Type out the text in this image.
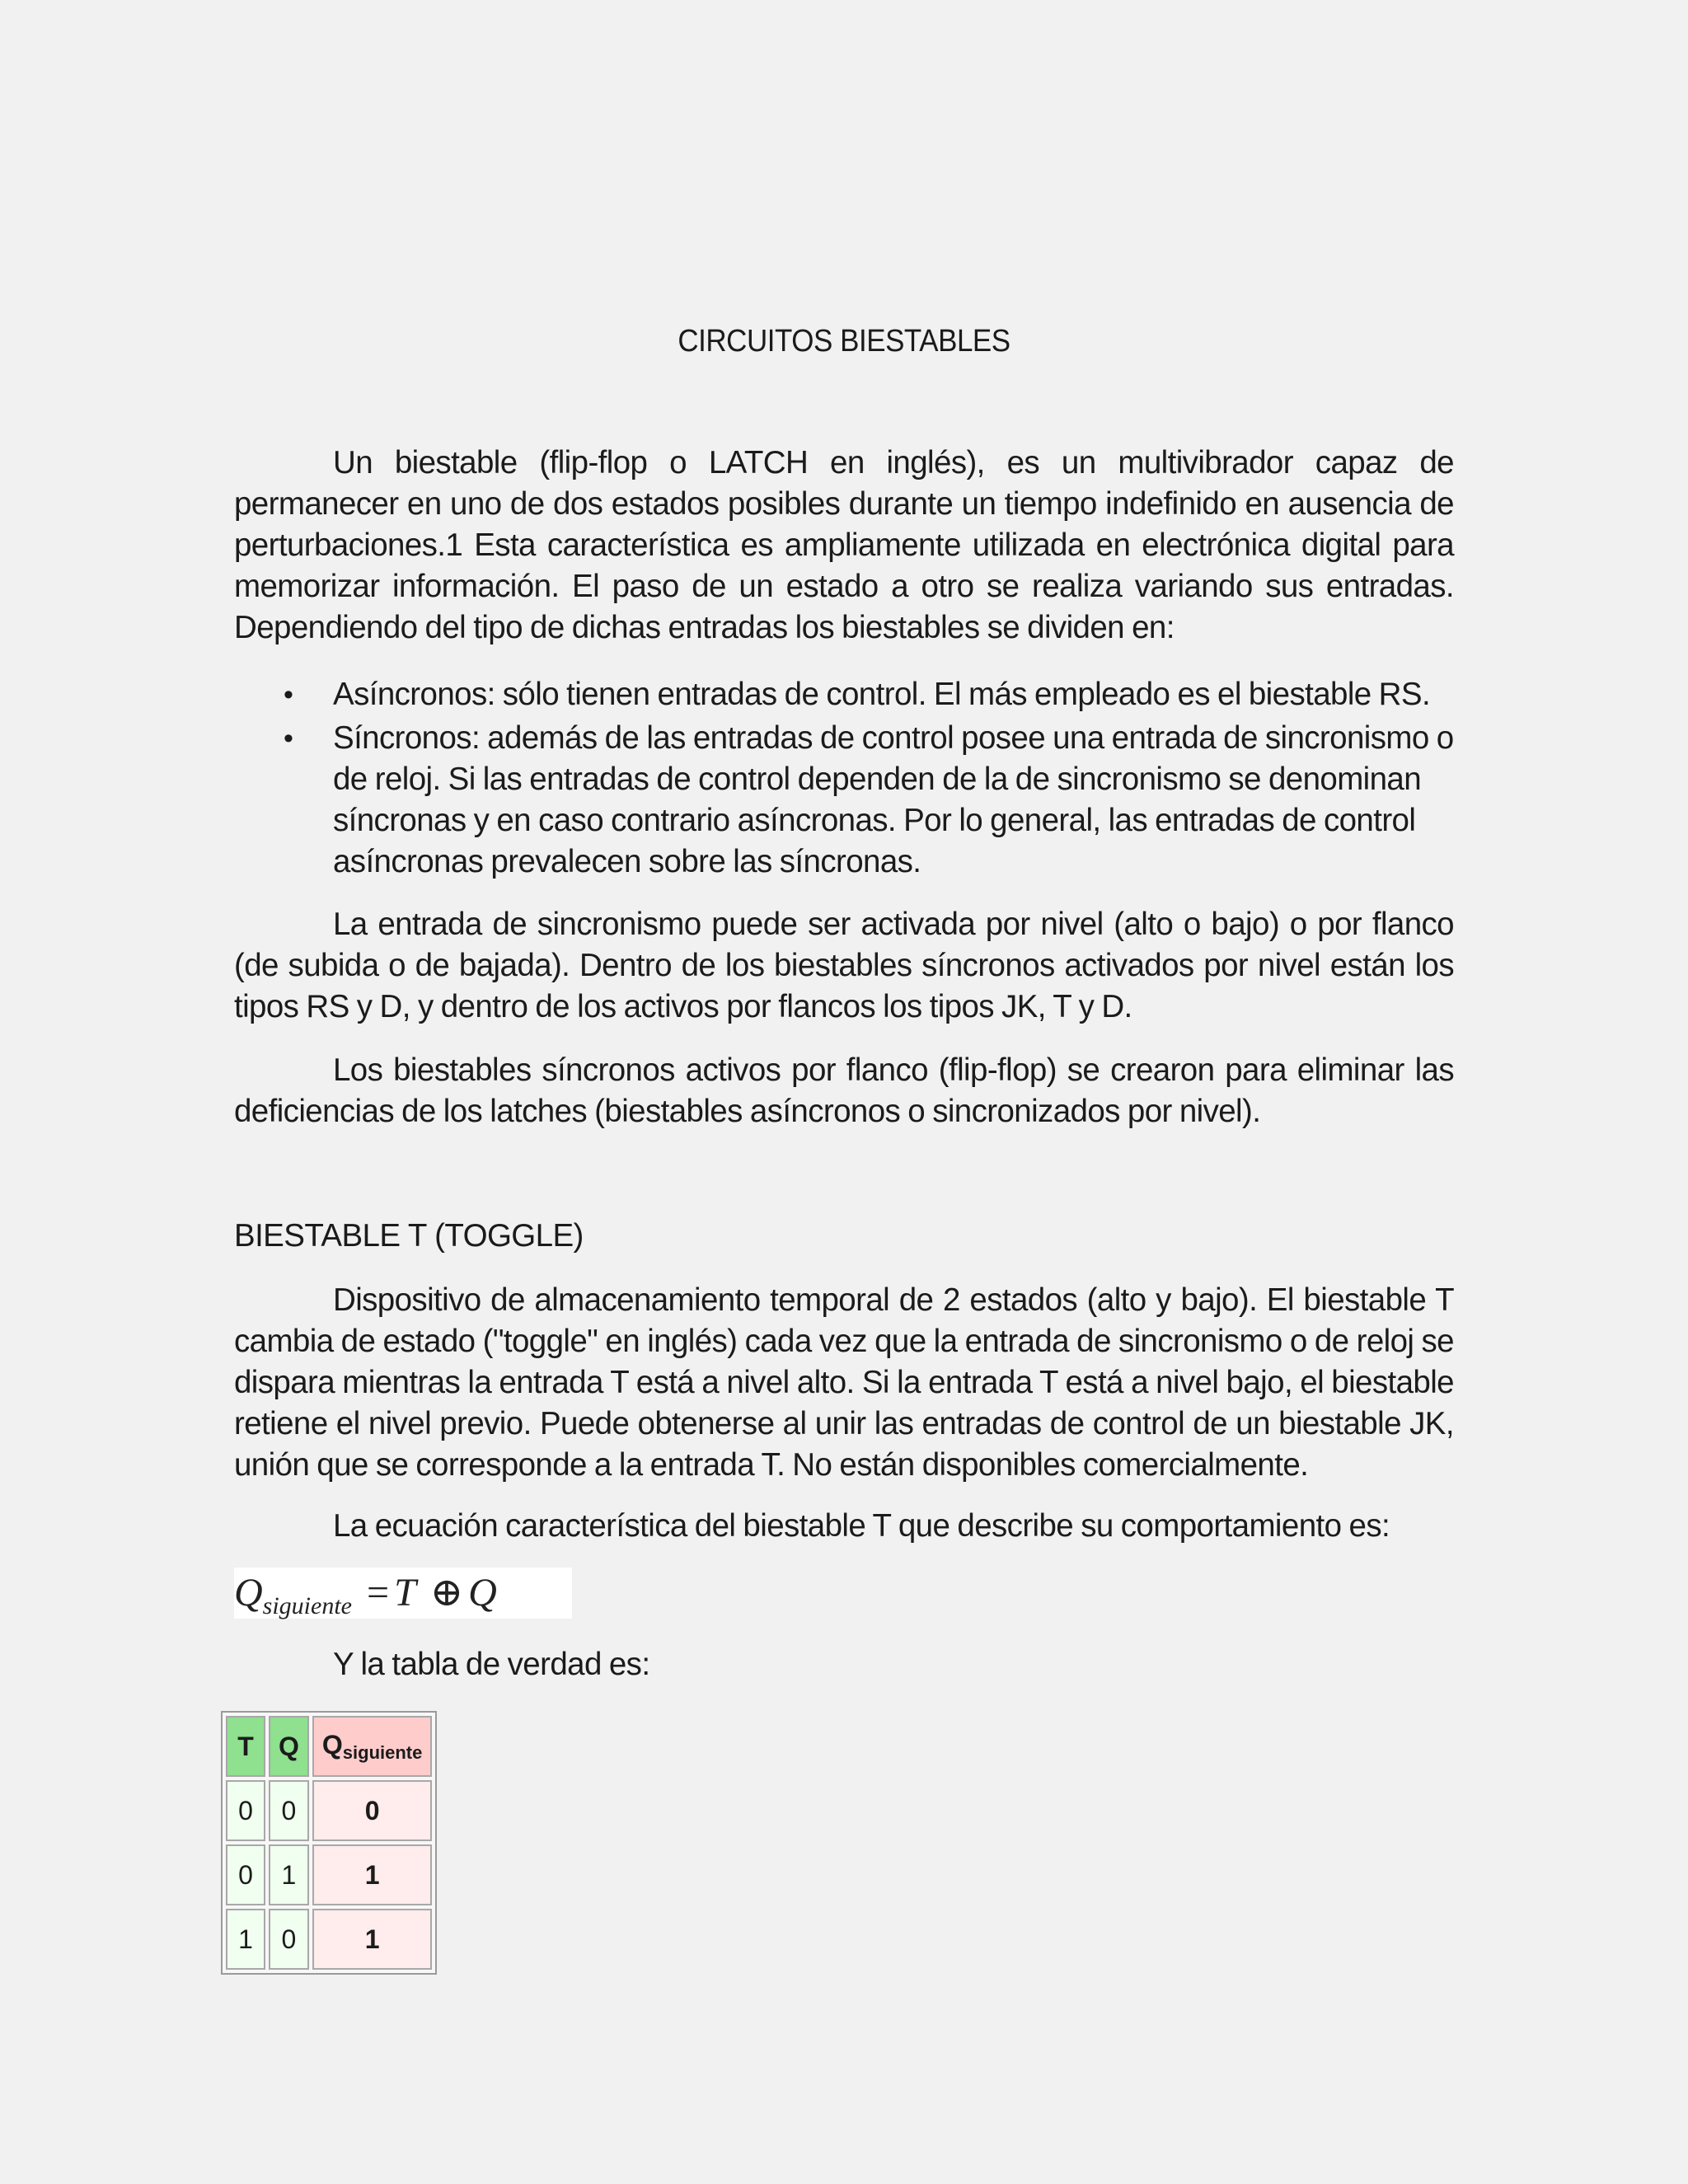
CIRCUITOS BIESTABLES

Un biestable (flip-flop o LATCH en inglés), es un multivibrador capaz de permanecer en uno de dos estados posibles durante un tiempo indefinido en ausencia de perturbaciones.1 Esta característica es ampliamente utilizada en electrónica digital para memorizar información. El paso de un estado a otro se realiza variando sus entradas. Dependiendo del tipo de dichas entradas los biestables se dividen en:

• Asíncronos: sólo tienen entradas de control. El más empleado es el biestable RS.
• Síncronos: además de las entradas de control posee una entrada de sincronismo o de reloj. Si las entradas de control dependen de la de sincronismo se denominan síncronas y en caso contrario asíncronas. Por lo general, las entradas de control asíncronas prevalecen sobre las síncronas.

La entrada de sincronismo puede ser activada por nivel (alto o bajo) o por flanco (de subida o de bajada). Dentro de los biestables síncronos activados por nivel están los tipos RS y D, y dentro de los activos por flancos los tipos JK, T y D.

Los biestables síncronos activos por flanco (flip-flop) se crearon para eliminar las deficiencias de los latches (biestables asíncronos o sincronizados por nivel).

BIESTABLE T (TOGGLE)

Dispositivo de almacenamiento temporal de 2 estados (alto y bajo). El biestable T cambia de estado ("toggle" en inglés) cada vez que la entrada de sincronismo o de reloj se dispara mientras la entrada T está a nivel alto. Si la entrada T está a nivel bajo, el biestable retiene el nivel previo. Puede obtenerse al unir las entradas de control de un biestable JK, unión que se corresponde a la entrada T. No están disponibles comercialmente.

La ecuación característica del biestable T que describe su comportamiento es:

$Q_{siguiente} = T$ ⊕ Q

Y la tabla de verdad es:

T	Q	$Q_{siguiente}$
0	0	0
0	1	1
1	0	1
